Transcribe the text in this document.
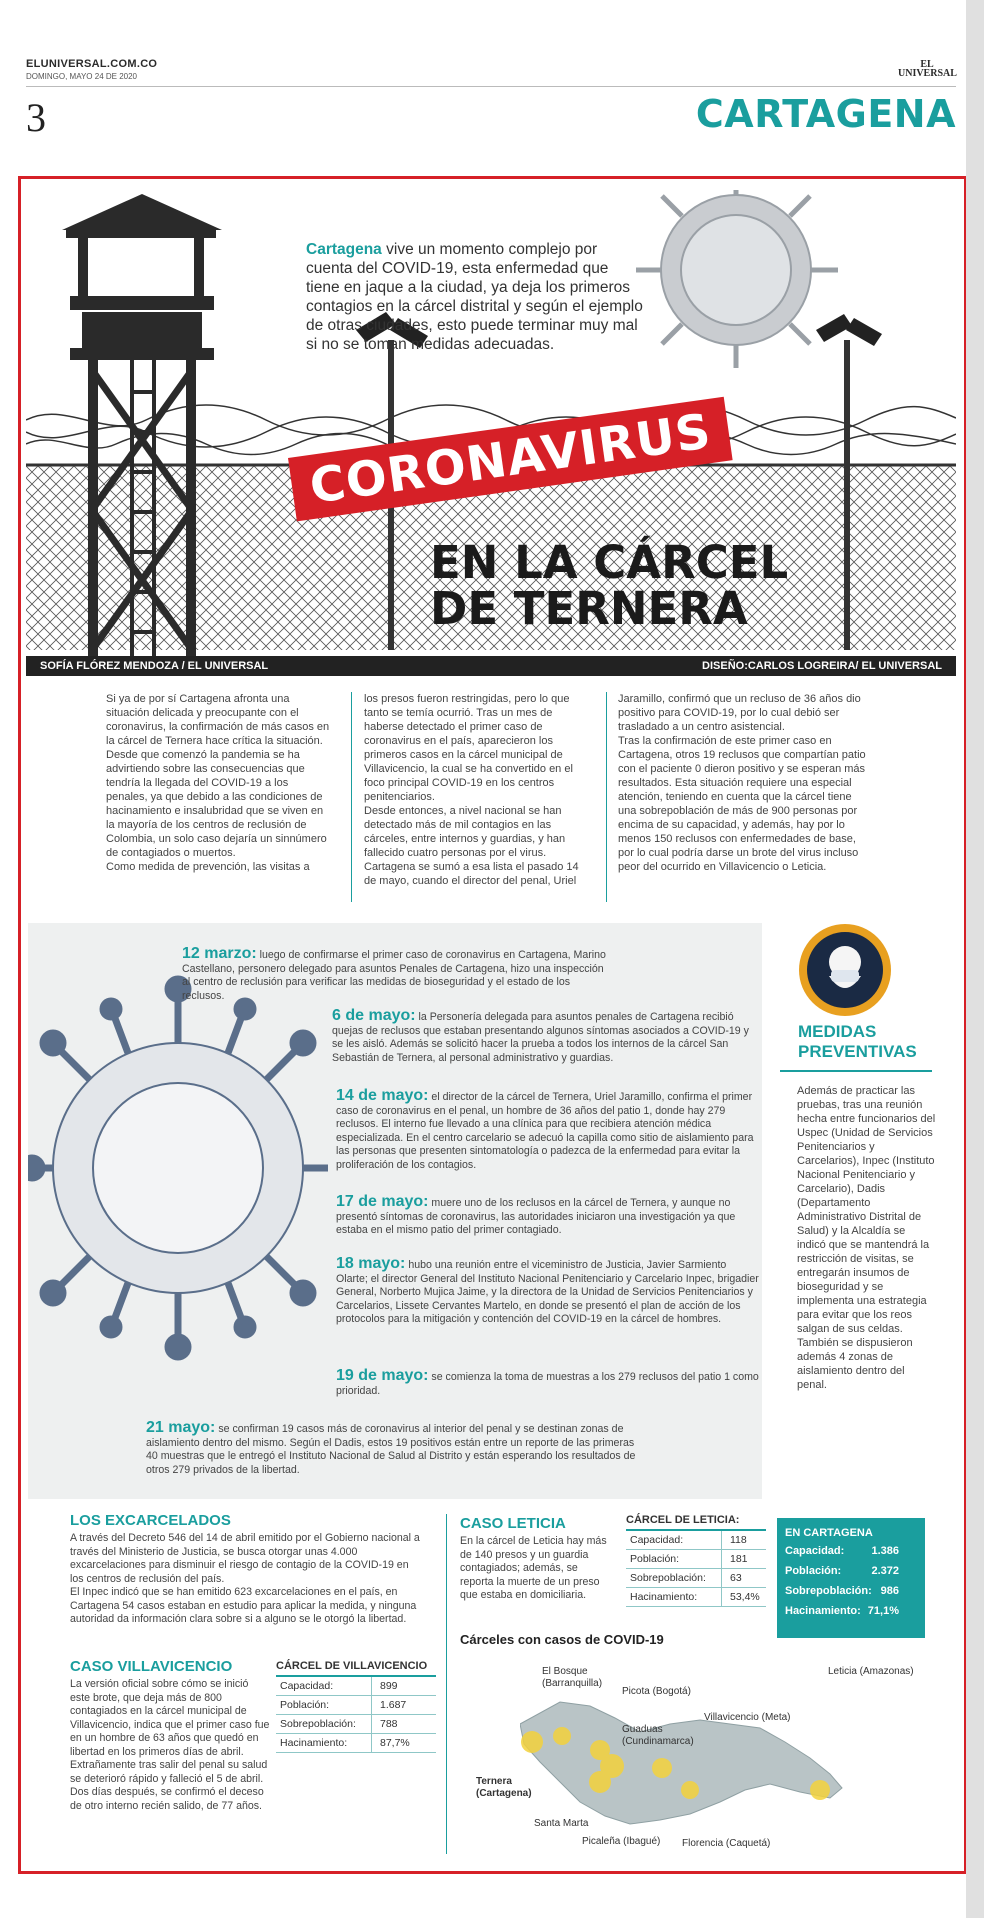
ELUNIVERSAL.COM.CO
DOMINGO, MAYO 24 DE 2020
3
EL UNIVERSAL
CARTAGENA
Cartagena vive un momento complejo por cuenta del COVID-19, esta enfermedad que tiene en jaque a la ciudad, ya deja los primeros contagios en la cárcel distrital y según el ejemplo de otras ciudades, esto puede terminar muy mal si no se toman medidas adecuadas.
CORONAVIRUS
EN LA CÁRCEL
DE TERNERA
SOFÍA FLÓREZ MENDOZA / EL UNIVERSAL	DISEÑO:CARLOS LOGREIRA/ EL UNIVERSAL
Si ya de por sí Cartagena afronta una situación delicada y preocupante con el coronavirus, la confirmación de más casos en la cárcel de Ternera hace crítica la situación.
Desde que comenzó la pandemia se ha advirtiendo sobre las consecuencias que tendría la llegada del COVID-19 a los penales, ya que debido a las condiciones de hacinamiento e insalubridad que se viven en la mayoría de los centros de reclusión de Colombia, un solo caso dejaría un sinnúmero de contagiados o muertos.
Como medida de prevención, las visitas a
los presos fueron restringidas, pero lo que tanto se temía ocurrió. Tras un mes de haberse detectado el primer caso de coronavirus en el país, aparecieron los primeros casos en la cárcel municipal de Villavicencio, la cual se ha convertido en el foco principal COVID-19 en los centros penitenciarios.
Desde entonces, a nivel nacional se han detectado más de mil contagios en las cárceles, entre internos y guardias, y han fallecido cuatro personas por el virus. Cartagena se sumó a esa lista el pasado 14 de mayo, cuando el director del penal, Uriel
Jaramillo, confirmó que un recluso de 36 años dio positivo para COVID-19, por lo cual debió ser trasladado a un centro asistencial.
Tras la confirmación de este primer caso en Cartagena, otros 19 reclusos que compartían patio con el paciente 0 dieron positivo y se esperan más resultados. Esta situación requiere una especial atención, teniendo en cuenta que la cárcel tiene una sobrepoblación de más de 900 personas por encima de su capacidad, y además, hay por lo menos 150 reclusos con enfermedades de base, por lo cual podría darse un brote del virus incluso peor del ocurrido en Villavicencio o Leticia.
12 marzo: luego de confirmarse el primer caso de coronavirus en Cartagena, Marino Castellano, personero delegado para asuntos Penales de Cartagena, hizo una inspección al centro de reclusión para verificar las medidas de bioseguridad y el estado de los reclusos.
6 de mayo: la Personería delegada para asuntos penales de Cartagena recibió quejas de reclusos que estaban presentando algunos síntomas asociados a COVID-19 y se les aisló. Además se solicitó hacer la prueba a todos los internos de la cárcel San Sebastián de Ternera, al personal administrativo y guardias.
14 de mayo: el director de la cárcel de Ternera, Uriel Jaramillo, confirma el primer caso de coronavirus en el penal, un hombre de 36 años del patio 1, donde hay 279 reclusos. El interno fue llevado a una clínica para que recibiera atención médica especializada. En el centro carcelario se adecuó la capilla como sitio de aislamiento para las personas que presenten sintomatología o padezca de la enfermedad para evitar la proliferación de los contagios.
17 de mayo: muere uno de los reclusos en la cárcel de Ternera, y aunque no presentó síntomas de coronavirus, las autoridades iniciaron una investigación ya que estaba en el mismo patio del primer contagiado.
18 mayo: hubo una reunión entre el viceministro de Justicia, Javier Sarmiento Olarte; el director General del Instituto Nacional Penitenciario y Carcelario Inpec, brigadier General, Norberto Mujica Jaime, y la directora de la Unidad de Servicios Penitenciarios y Carcelarios, Lissete Cervantes Martelo, en donde se presentó el plan de acción de los protocolos para la mitigación y contención del COVID-19 en la cárcel de hombres.
19 de mayo: se comienza la toma de muestras a los 279 reclusos del patio 1 como prioridad.
21 mayo: se confirman 19 casos más de coronavirus al interior del penal y se destinan zonas de aislamiento dentro del mismo. Según el Dadis, estos 19 positivos están entre un reporte de las primeras 40 muestras que le entregó el Instituto Nacional de Salud al Distrito y están esperando los resultados de otros 279 privados de la libertad.
MEDIDAS
PREVENTIVAS
Además de practicar las pruebas, tras una reunión hecha entre funcionarios del Uspec (Unidad de Servicios Penitenciarios y Carcelarios), Inpec (Instituto Nacional Penitenciario y Carcelario), Dadis (Departamento Administrativo Distrital de Salud) y la Alcaldía se indicó que se mantendrá la restricción de visitas, se entregarán insumos de bioseguridad y se implementa una estrategia para evitar que los reos salgan de sus celdas.
También se dispusieron además 4 zonas de aislamiento dentro del penal.
LOS EXCARCELADOS
A través del Decreto 546 del 14 de abril emitido por el Gobierno nacional a través del Ministerio de Justicia, se busca otorgar unas 4.000 excarcelaciones para disminuir el riesgo de contagio de la COVID-19 en los centros de reclusión del país.
El Inpec indicó que se han emitido 623 excarcelaciones en el país, en Cartagena 54 casos estaban en estudio para aplicar la medida, y ninguna autoridad da información clara sobre si a alguno se le otorgó la libertad.
CASO VILLAVICENCIO
La versión oficial sobre cómo se inició este brote, que deja más de 800 contagiados en la cárcel municipal de Villavicencio, indica que el primer caso fue en un hombre de 63 años que quedó en libertad en los primeros días de abril. Extrañamente tras salir del penal su salud se deterioró rápido y falleció el 5 de abril. Dos días después, se confirmó el deceso de otro interno recién salido, de 77 años.
CÁRCEL DE VILLAVICENCIO
Capacidad:	899
Población:	1.687
Sobrepoblación:	788
Hacinamiento:	87,7%
CASO LETICIA
En la cárcel de Leticia hay más de 140 presos y un guardia contagiados; además, se reporta la muerte de un preso que estaba en domiciliaria.
CÁRCEL DE LETICIA:
Capacidad:	118
Población:	181
Sobrepoblación:	63
Hacinamiento:	53,4%
EN CARTAGENA
Capacidad: 1.386
Población:	2.372
Sobrepoblación: 986
Hacinamiento: 71,1%
Cárceles con casos de COVID-19
El Bosque
(Barranquilla)
Picota (Bogotá)
Guaduas
(Cundinamarca)
Villavicencio (Meta)
Leticia (Amazonas)
Ternera
(Cartagena)
Santa Marta
Picaleña (Ibagué) Florencia (Caquetá)
